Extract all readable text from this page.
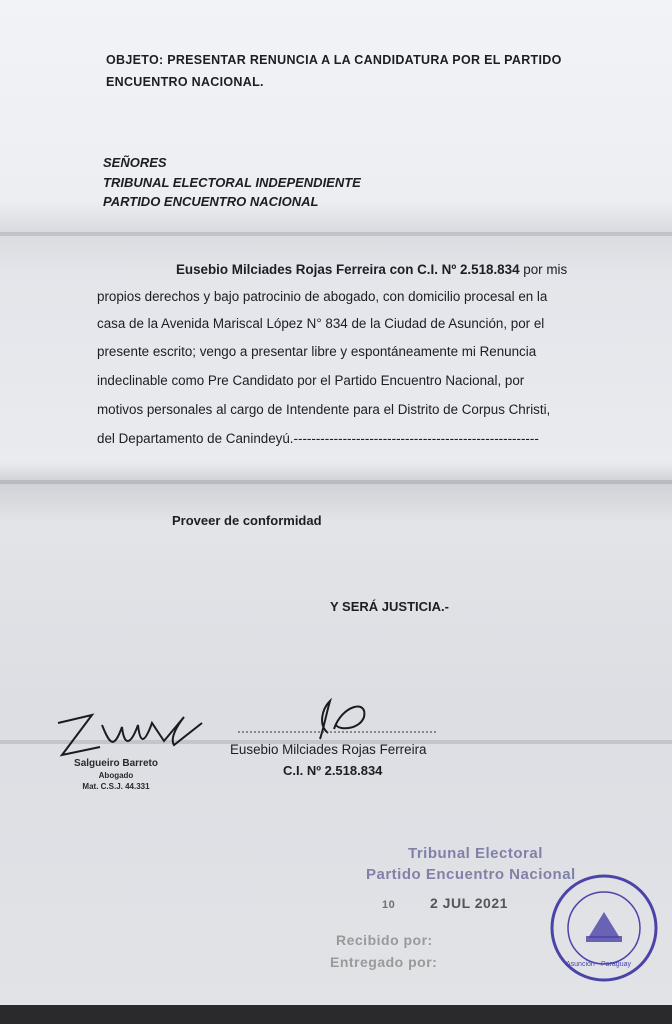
OBJETO: PRESENTAR RENUNCIA A LA CANDIDATURA POR EL PARTIDO
ENCUENTRO NACIONAL.
SEÑORES
TRIBUNAL ELECTORAL INDEPENDIENTE
PARTIDO ENCUENTRO NACIONAL
Eusebio Milciades Rojas Ferreira con C.I. Nº 2.518.834 por mis
propios derechos y bajo patrocinio de abogado, con domicilio procesal en la
casa de la Avenida Mariscal López N° 834 de la Ciudad de Asunción, por el
presente escrito; vengo a presentar libre y espontáneamente mi Renuncia
indeclinable como Pre Candidato por el Partido Encuentro Nacional, por
motivos personales al cargo de Intendente para el Distrito de Corpus Christi,
del Departamento de Canindeyú.-------------------------------------------------------
Proveer de conformidad
Y SERÁ JUSTICIA.-
Salgueiro Barreto
Abogado
Mat. C.S.J. 44.331
Eusebio Milciades Rojas Ferreira
C.I. Nº 2.518.834
Tribunal Electoral
Partido Encuentro Nacional
10 2 JUL 2021
Recibido por:
Entregado por:	Asunción - Paraguay
